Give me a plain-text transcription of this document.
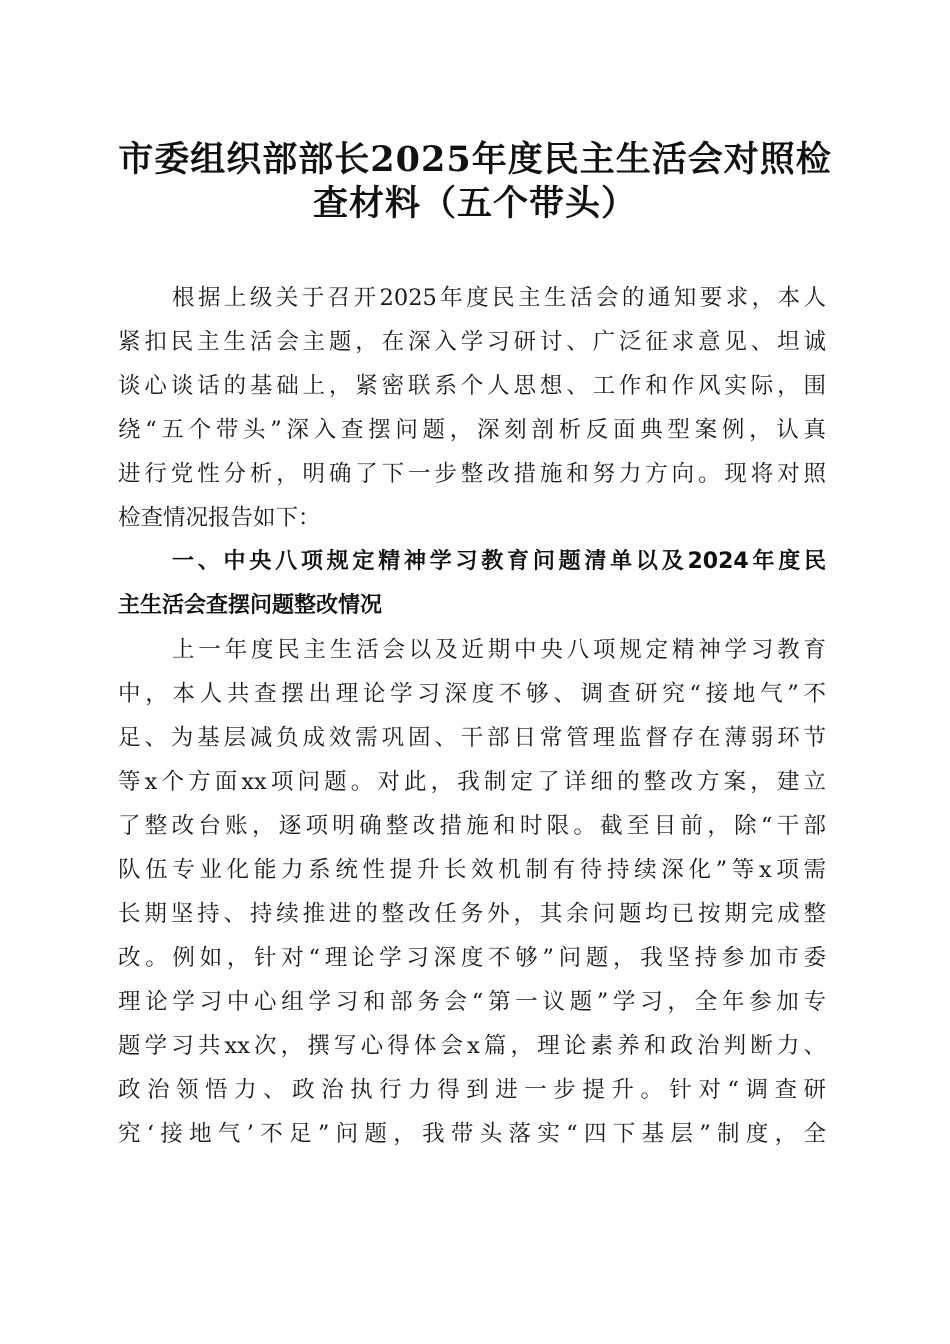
市委组织部部长2025年度民主生活会对照检
查材料（五个带头）
根据上级关于召开2025年度民主生活会的通知要求，本人
紧扣民主生活会主题，在深入学习研讨、广泛征求意见、坦诚
谈心谈话的基础上，紧密联系个人思想、工作和作风实际，围
绕“五个带头”深入查摆问题，深刻剖析反面典型案例，认真
进行党性分析，明确了下一步整改措施和努力方向。现将对照
检查情况报告如下：
一、中央八项规定精神学习教育问题清单以及2024年度民
主生活会查摆问题整改情况
上一年度民主生活会以及近期中央八项规定精神学习教育
中，本人共查摆出理论学习深度不够、调查研究“接地气”不
足、为基层减负成效需巩固、干部日常管理监督存在薄弱环节
等x个方面xx项问题。对此，我制定了详细的整改方案，建立
了整改台账，逐项明确整改措施和时限。截至目前，除“干部
队伍专业化能力系统性提升长效机制有待持续深化”等x项需
长期坚持、持续推进的整改任务外，其余问题均已按期完成整
改。例如，针对“理论学习深度不够”问题，我坚持参加市委
理论学习中心组学习和部务会“第一议题”学习，全年参加专
题学习共xx次，撰写心得体会x篇，理论素养和政治判断力、
政治领悟力、政治执行力得到进一步提升。针对“调查研
究‘接地气’不足”问题，我带头落实“四下基层”制度，全
